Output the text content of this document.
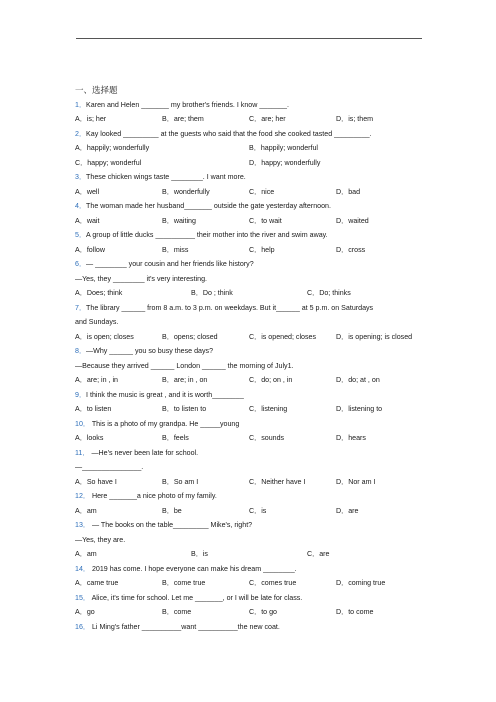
一、选择题
1．Karen and Helen _______ my brother's friends. I know _______.
A．is; her	B．are; them	C．are; her	D．is; them
2．Kay looked _________ at the guests who said that the food she cooked tasted _________.
A．happily; wonderfully	B．happily; wonderful
C．happy; wonderful	D．happy; wonderfully
3．These chicken wings taste ________. I want more.
A．well	B．wonderfully	C．nice	D．bad
4．The woman made her husband_______ outside the gate yesterday afternoon.
A．wait	B．waiting	C．to wait	D．waited
5．A group of little ducks __________ their mother into the river and swim away.
A．follow	B．miss	C．help	D．cross
6．— ________ your cousin and her friends like history?
—Yes, they ________ it's very interesting.
A．Does; think	B．Do ; think	C．Do; thinks
7．The library ______ from 8 a.m. to 3 p.m. on weekdays. But it______ at 5 p.m. on Saturdays
and Sundays.
A．is open; closes	B．opens; closed	C．is opened; closes	D．is opening; is closed
8．—Why ______ you so busy these days?
—Because they arrived ______ London ______ the morning of July1.
A．are; in , in	B．are; in , on	C．do; on , in	D．do; at , on
9．I think the music is great , and it is worth________
A．to listen	B．to listen to	C．listening	D．listening to
10． This is a photo of my grandpa. He _____young
A．looks	B．feels	C．sounds	D．hears
11． —He's never been late for school.
—_______________.
A．So have I	B．So am I	C．Neither have I	D．Nor am I
12． Here _______a nice photo of my family.
A．am	B．be	C．is	D．are
13． — The books on the table_________ Mike's, right?
—Yes, they are.
A．am	B．is	C．are
14． 2019 has come. I hope everyone can make his dream ________.
A．came true	B．come true	C．comes true	D．coming true
15． Alice, it's time for school. Let me _______, or I will be late for class.
A．go	B．come	C．to go	D．to come
16． Li Ming's father __________want __________the new coat.
